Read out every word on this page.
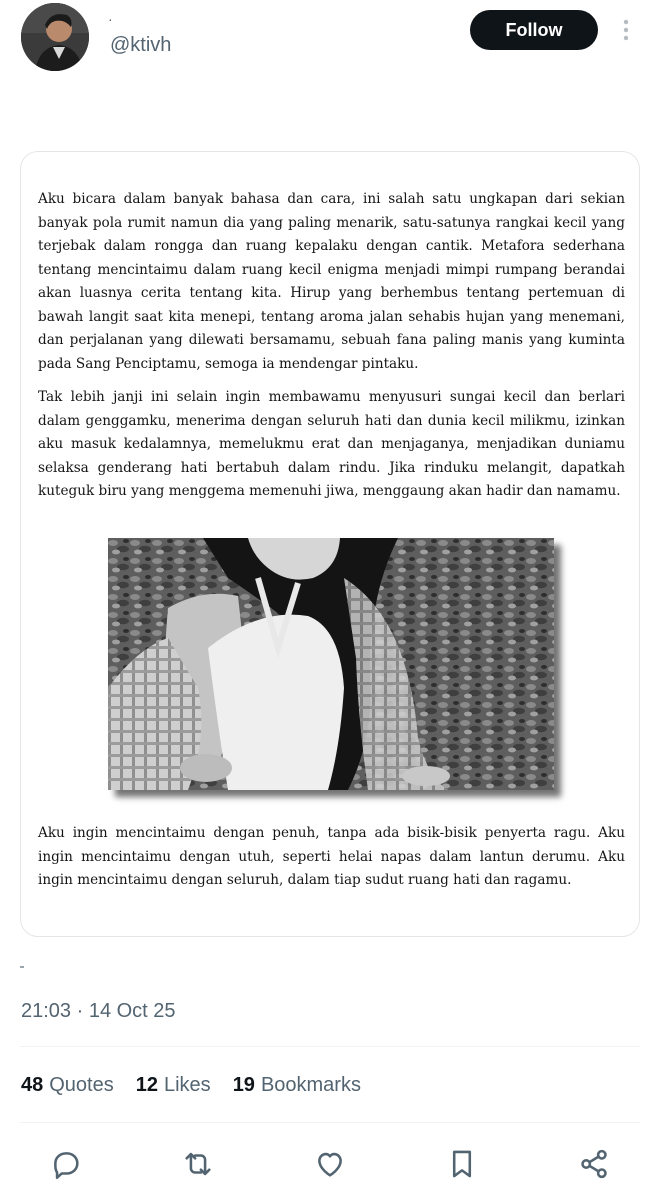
·
@ktivh
Follow

Aku bicara dalam banyak bahasa dan cara, ini salah satu ungkapan dari sekian banyak pola rumit namun dia yang paling menarik, satu-satunya rangkai kecil yang terjebak dalam rongga dan ruang kepalaku dengan cantik. Metafora sederhana tentang mencintaimu dalam ruang kecil enigma menjadi mimpi rumpang berandai akan luasnya cerita tentang kita. Hirup yang berhembus tentang pertemuan di bawah langit saat kita menepi, tentang aroma jalan sehabis hujan yang menemani, dan perjalanan yang dilewati bersamamu, sebuah fana paling manis yang kuminta pada Sang Penciptamu, semoga ia mendengar pintaku.

Tak lebih janji ini selain ingin membawamu menyusuri sungai kecil dan berlari dalam genggamku, menerima dengan seluruh hati dan dunia kecil milikmu, izinkan aku masuk kedalamnya, memelukmu erat dan menjaganya, menjadikan duniamu selaksa genderang hati bertabuh dalam rindu. Jika rinduku melangit, dapatkah kuteguk biru yang menggema memenuhi jiwa, menggaung akan hadir dan namamu.

Aku ingin mencintaimu dengan penuh, tanpa ada bisik-bisik penyerta ragu. Aku ingin mencintaimu dengan utuh, seperti helai napas dalam lantun derumu. Aku ingin mencintaimu dengan seluruh, dalam tiap sudut ruang hati dan ragamu.

21:03 · 14 Oct 25
48 Quotes 12 Likes 19 Bookmarks
